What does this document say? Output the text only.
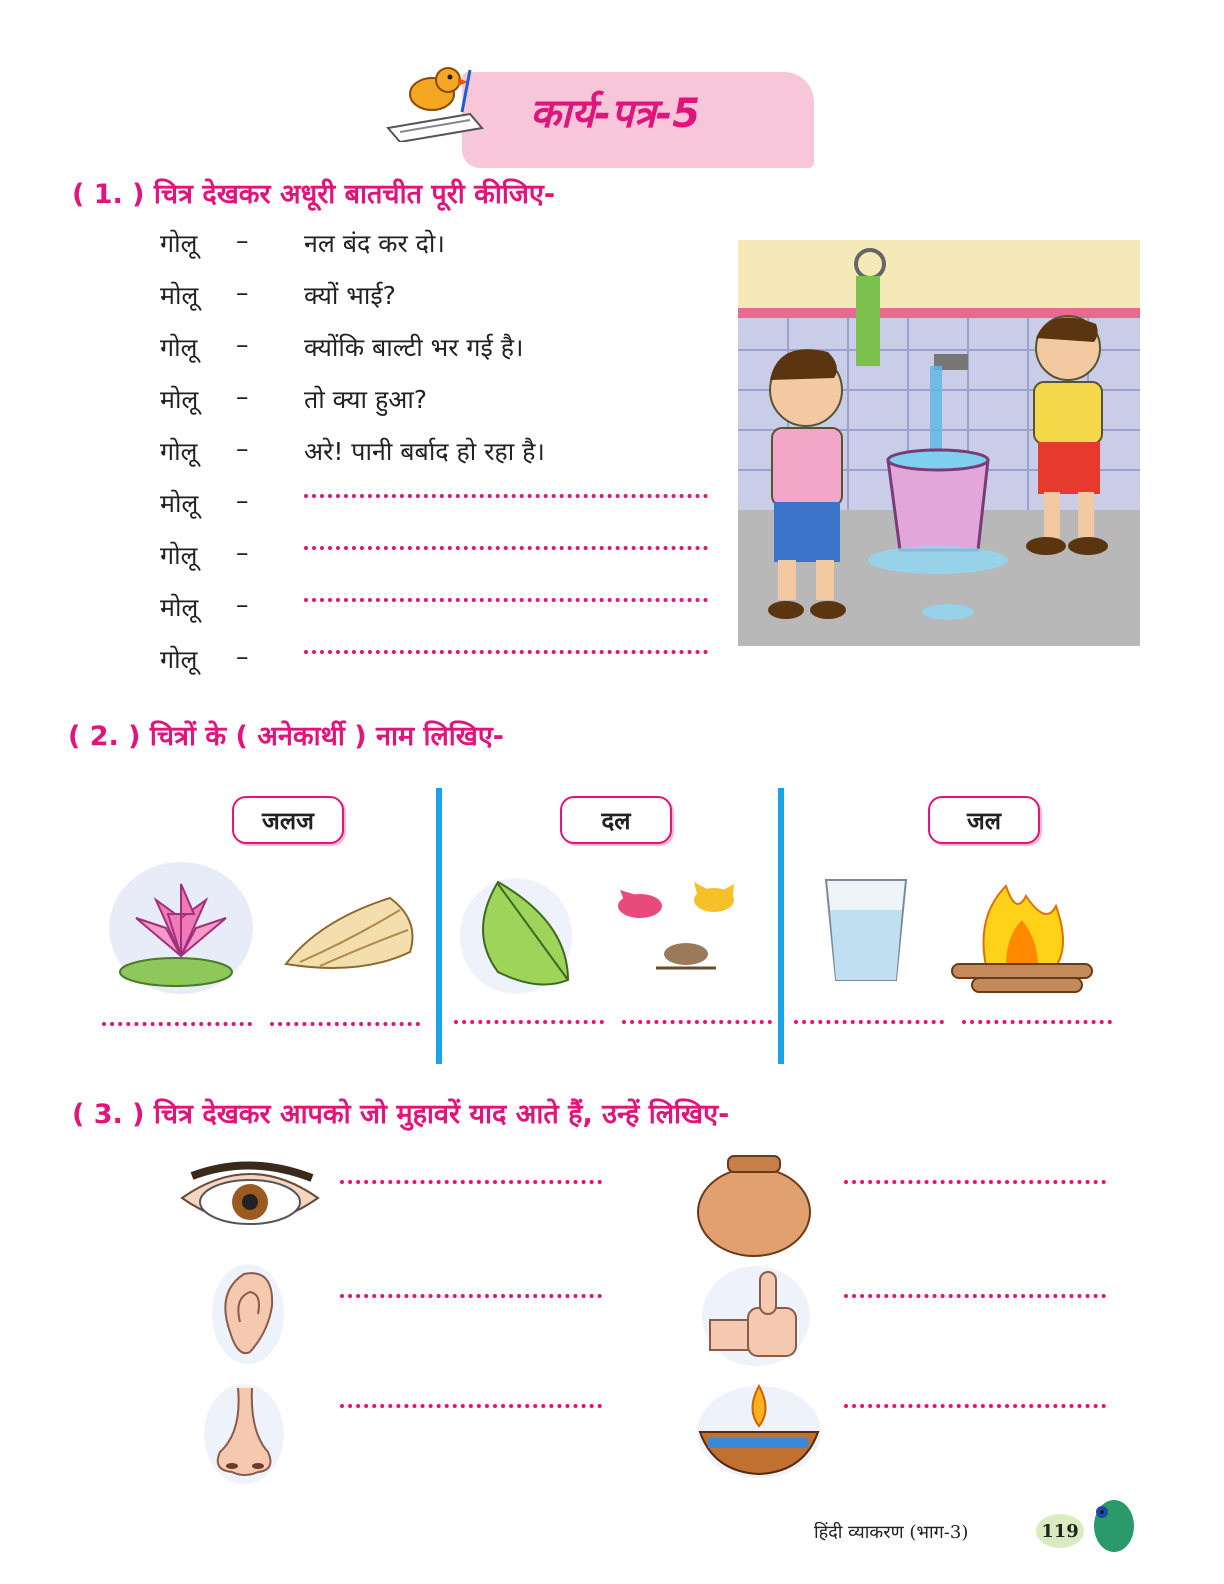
कार्य-पत्र-5
( 1. ) चित्र देखकर अधूरी बातचीत पूरी कीजिए-
गोलू – नल बंद कर दो।
मोलू – क्यों भाई?
गोलू – क्योंकि बाल्टी भर गई है।
मोलू – तो क्या हुआ?
गोलू – अरे! पानी बर्बाद हो रहा है।
मोलू –
गोलू –
मोलू –
गोलू –
( 2. ) चित्रों के ( अनेकार्थी ) नाम लिखिए-
जलज	दल	जल
( 3. ) चित्र देखकर आपको जो मुहावरें याद आते हैं, उन्हें लिखिए-
हिंदी व्याकरण (भाग-3)	119
